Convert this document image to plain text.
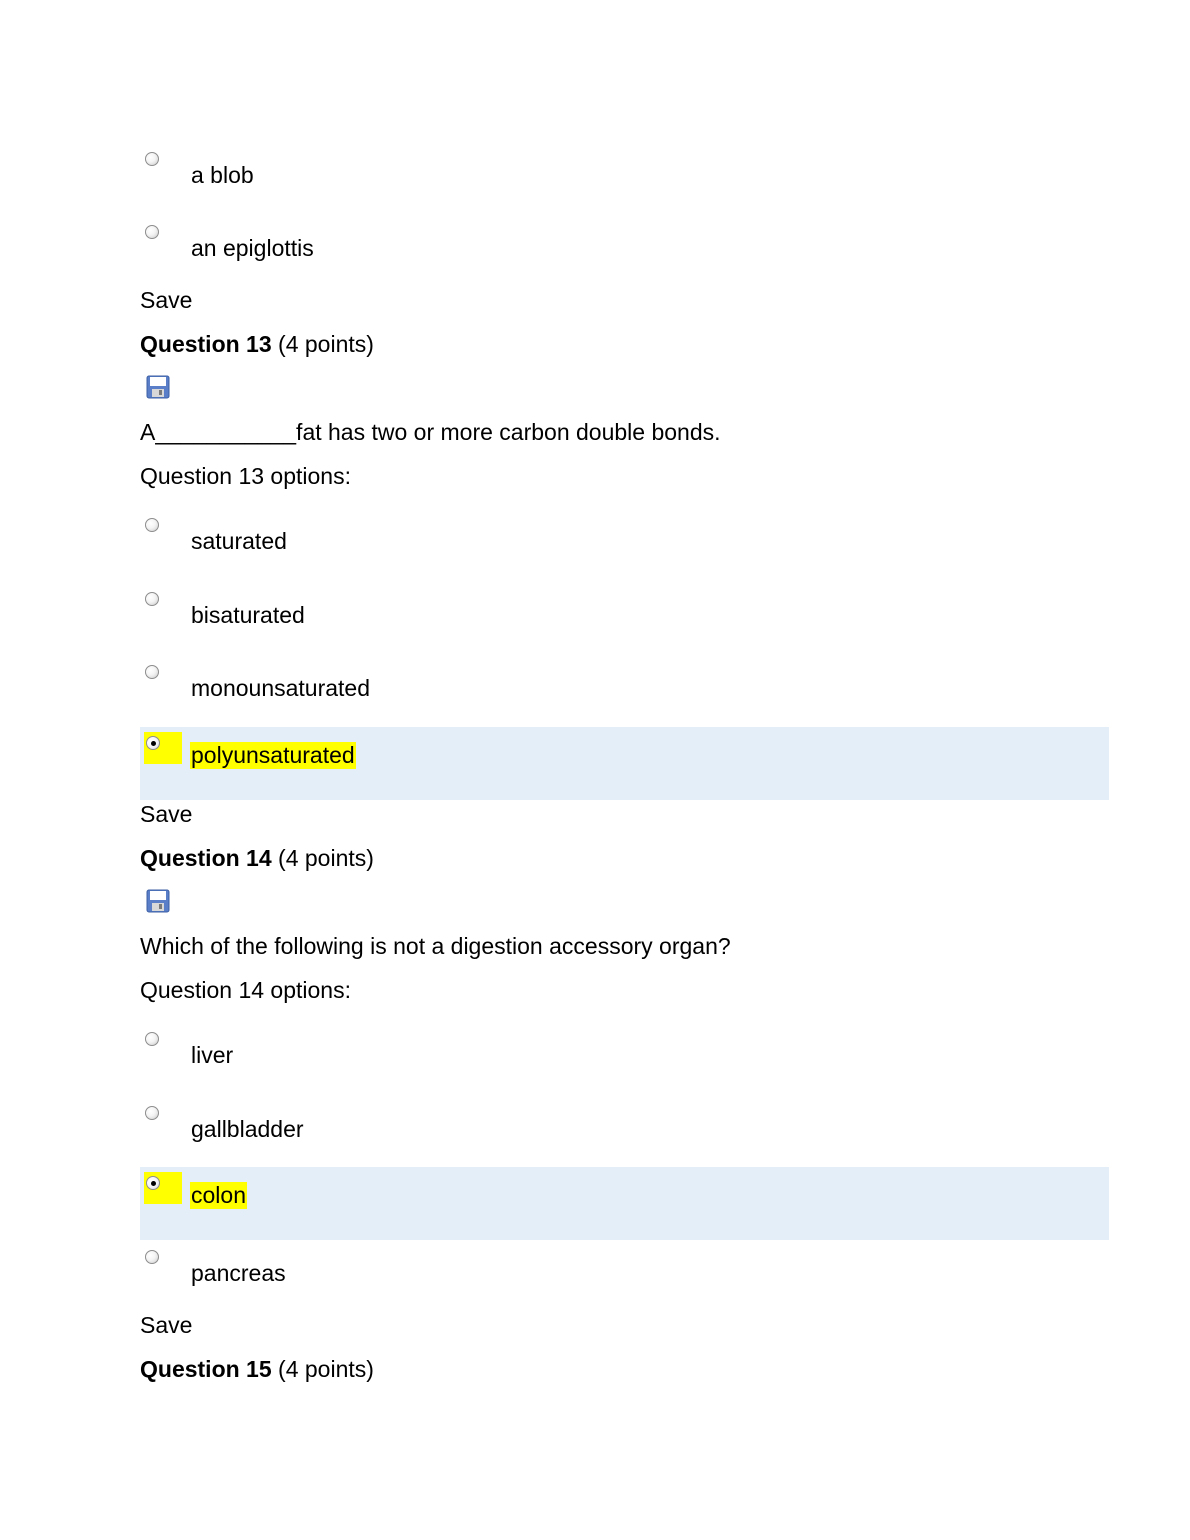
a blob
an epiglottis
Save
Question 13 (4 points)
A___________fat has two or more carbon double bonds.
Question 13 options:
saturated
bisaturated
monounsaturated
polyunsaturated
Save
Question 14 (4 points)
Which of the following is not a digestion accessory organ?
Question 14 options:
liver
gallbladder
colon
pancreas
Save
Question 15 (4 points)
